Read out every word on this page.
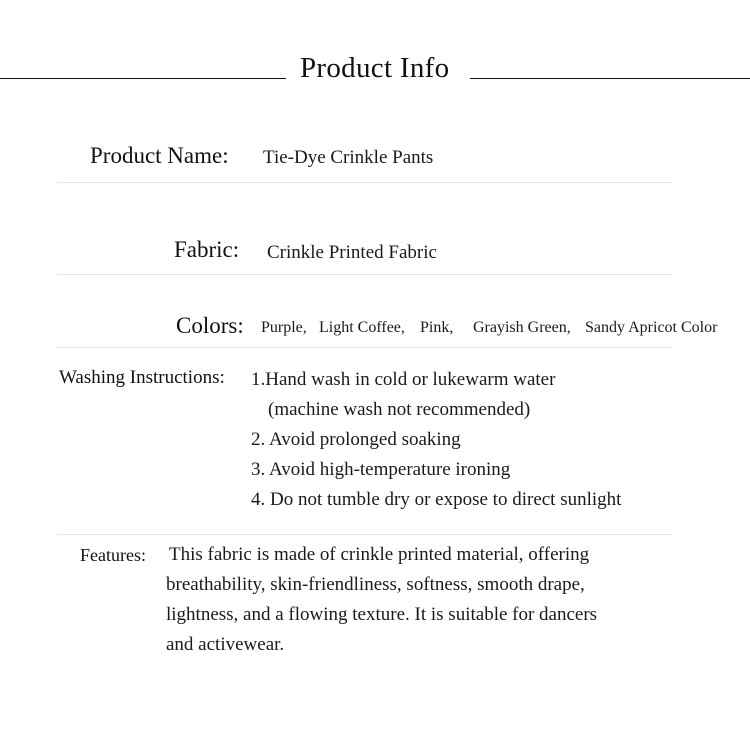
Product Info
Product Name: Tie-Dye Crinkle Pants
Fabric: Crinkle Printed Fabric
Colors: Purple, Light Coffee, Pink, Grayish Green, Sandy Apricot Color
Washing Instructions: 1.Hand wash in cold or lukewarm water
(machine wash not recommended)
2. Avoid prolonged soaking
3. Avoid high-temperature ironing
4. Do not tumble dry or expose to direct sunlight
Features: This fabric is made of crinkle printed material, offering
breathability, skin-friendliness, softness, smooth drape,
lightness, and a flowing texture. It is suitable for dancers
and activewear.
